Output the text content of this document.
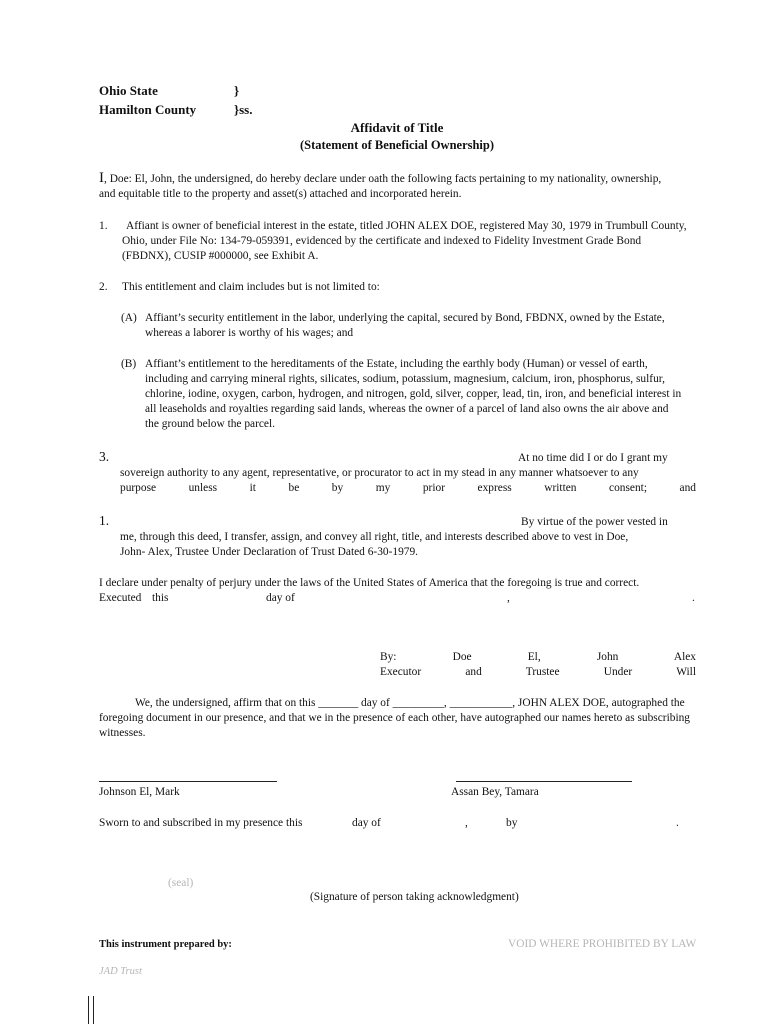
Ohio State	}
Hamilton County	}ss.
Affidavit of Title
(Statement of Beneficial Ownership)
I, Doe: El, John, the undersigned, do hereby declare under oath the following facts pertaining to my nationality, ownership, and equitable title to the property and asset(s) attached and incorporated herein.
1.	Affiant is owner of beneficial interest in the estate, titled JOHN ALEX DOE, registered May 30, 1979 in Trumbull County, Ohio, under File No: 134-79-059391, evidenced by the certificate and indexed to Fidelity Investment Grade Bond (FBDNX), CUSIP #000000, see Exhibit A.
2. This entitlement and claim includes but is not limited to:
(A) Affiant’s security entitlement in the labor, underlying the capital, secured by Bond, FBDNX, owned by the Estate, whereas a laborer is worthy of his wages; and
(B) Affiant’s entitlement to the hereditaments of the Estate, including the earthly body (Human) or vessel of earth, including and carrying mineral rights, silicates, sodium, potassium, magnesium, calcium, iron, phosphorus, sulfur, chlorine, iodine, oxygen, carbon, hydrogen, and nitrogen, gold, silver, copper, lead, tin, iron, and beneficial interest in all leaseholds and royalties regarding said lands, whereas the owner of a parcel of land also owns the air above and the ground below the parcel.
3.	At no time did I or do I grant my
sovereign authority to any agent, representative, or procurator to act in my stead in any manner whatsoever to any
purpose unless it be by my prior express written consent; and
1.	By virtue of the power vested in
me, through this deed, I transfer, assign, and convey all right, title, and interests described above to vest in Doe,
John- Alex, Trustee Under Declaration of Trust Dated 6-30-1979.
I declare under penalty of perjury under the laws of the United States of America that the foregoing is true and correct.
Executed this	day of	,	.
By: Doe El, John Alex
Executor and Trustee Under Will
We, the undersigned, affirm that on this _______ day of _________, ___________, JOHN ALEX DOE, autographed the foregoing document in our presence, and that we in the presence of each other, have autographed our names hereto as subscribing witnesses.
Johnson El, Mark	Assan Bey, Tamara
Sworn to and subscribed in my presence this	day of	,	by	.
(seal)
(Signature of person taking acknowledgment)
This instrument prepared by:	VOID WHERE PROHIBITED BY LAW
JAD Trust
